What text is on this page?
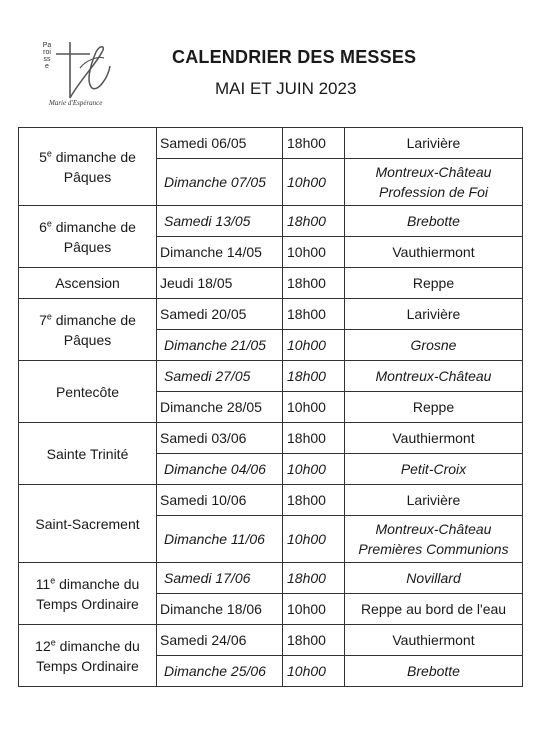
Paroisse
Marie d'Espérance
CALENDRIER DES MESSES
MAI ET JUIN 2023
5e dimanche de Pâques	Samedi 06/05	18h00	Larivière

	Dimanche 07/05	10h00	Montreux-Château
Profession de Foi

6e dimanche de Pâques	Samedi 13/05	18h00	Brebotte

	Dimanche 14/05	10h00	Vauthiermont

Ascension	Jeudi 18/05	18h00	Reppe

7e dimanche de Pâques	Samedi 20/05	18h00	Larivière

	Dimanche 21/05	10h00	Grosne

Pentecôte	Samedi 27/05	18h00	Montreux-Château

	Dimanche 28/05	10h00	Reppe

Sainte Trinité	Samedi 03/06	18h00	Vauthiermont

	Dimanche 04/06	10h00	Petit-Croix

Saint-Sacrement	Samedi 10/06	18h00	Larivière

	Dimanche 11/06	10h00	Montreux-Château
Premières Communions

11e dimanche du Temps Ordinaire	Samedi 17/06	18h00	Novillard

	Dimanche 18/06	10h00	Reppe au bord de l'eau

12e dimanche du Temps Ordinaire	Samedi 24/06	18h00	Vauthiermont

	Dimanche 25/06	10h00	Brebotte
